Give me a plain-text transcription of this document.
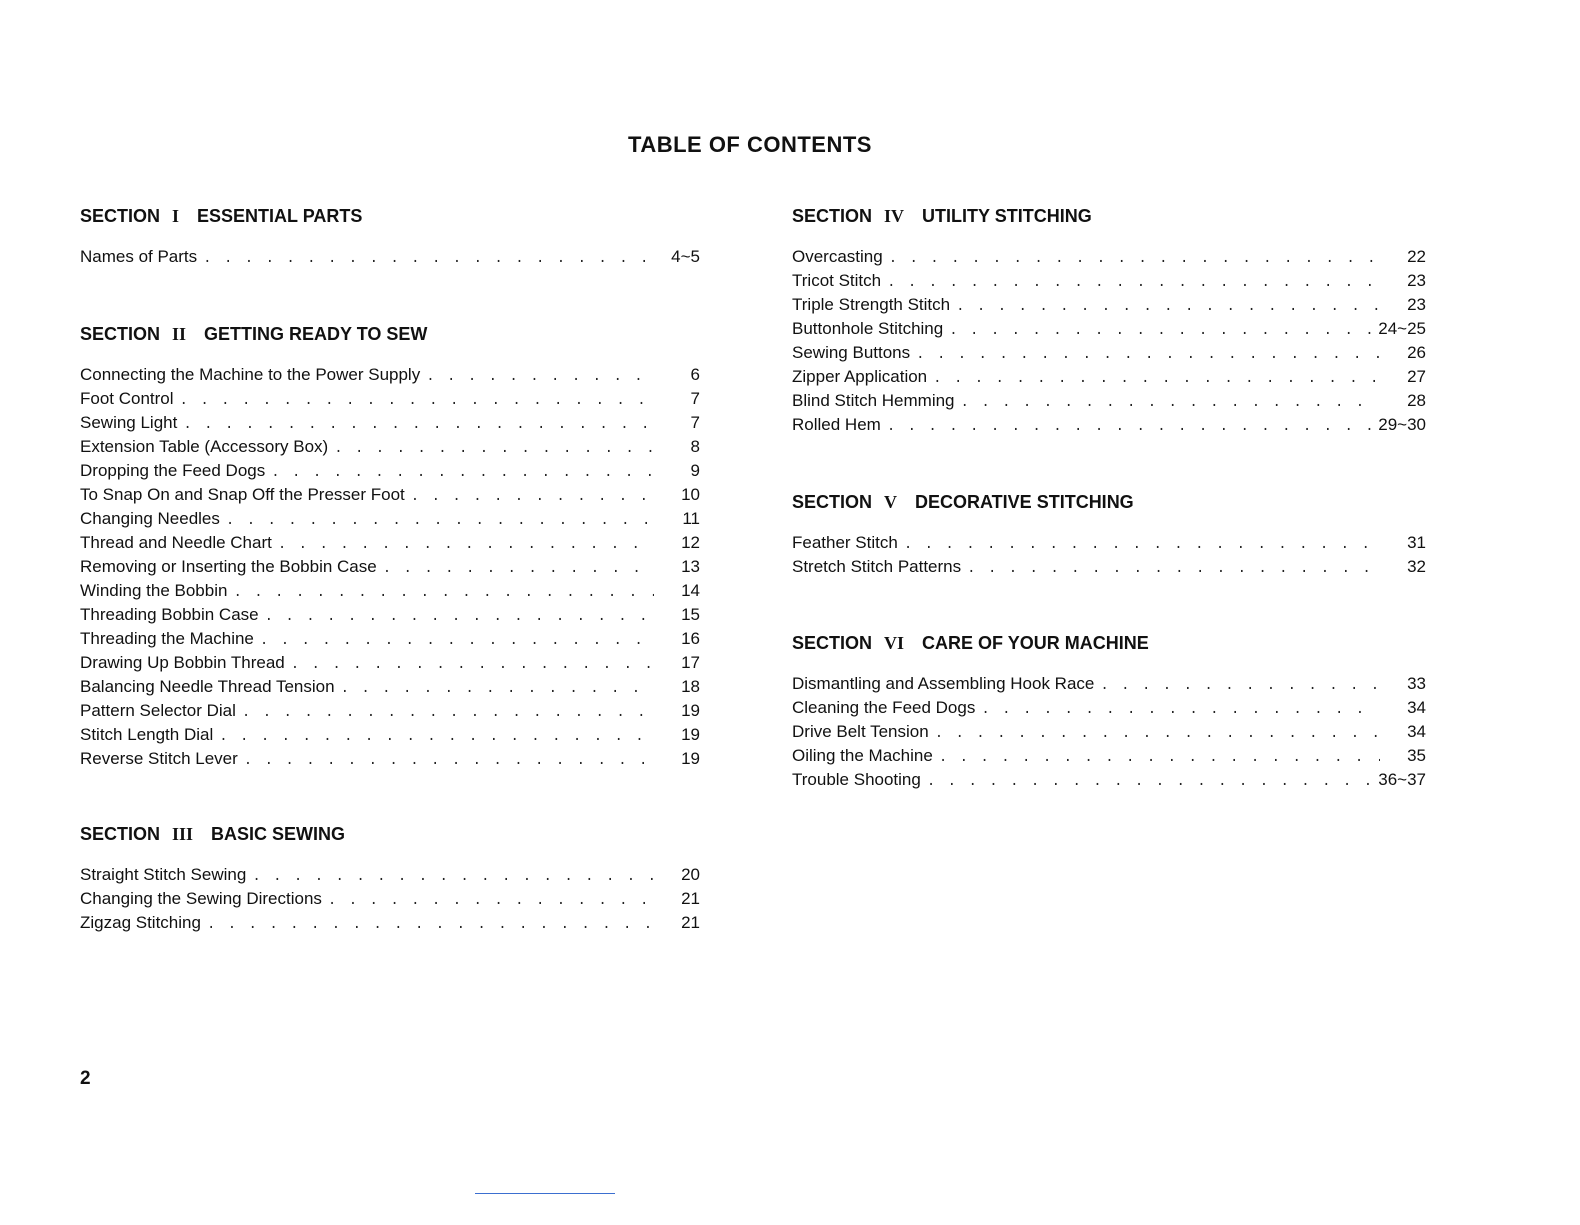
TABLE OF CONTENTS
SECTION I ESSENTIAL PARTS
Names of Parts . . .	4~5
SECTION II GETTING READY TO SEW
Connecting the Machine to the Power Supply . . .	6
Foot Control . . .	7
Sewing Light . . .	7
Extension Table (Accessory Box) . . .	8
Dropping the Feed Dogs . . .	9
To Snap On and Snap Off the Presser Foot . . .	10
Changing Needles . . .	11
Thread and Needle Chart . . .	12
Removing or Inserting the Bobbin Case . . .	13
Winding the Bobbin . . .	14
Threading Bobbin Case . . .	15
Threading the Machine . . .	16
Drawing Up Bobbin Thread . . .	17
Balancing Needle Thread Tension . . .	18
Pattern Selector Dial . . .	19
Stitch Length Dial . . .	19
Reverse Stitch Lever . . .	19
SECTION III BASIC SEWING
Straight Stitch Sewing . . .	20
Changing the Sewing Directions . . .	21
Zigzag Stitching . . .	21
SECTION IV UTILITY STITCHING
Overcasting . . .	22
Tricot Stitch . . .	23
Triple Strength Stitch . . .	23
Buttonhole Stitching . . .	24~25
Sewing Buttons . . .	26
Zipper Application . . .	27
Blind Stitch Hemming . . .	28
Rolled Hem . . .	29~30
SECTION V DECORATIVE STITCHING
Feather Stitch . . .	31
Stretch Stitch Patterns . . .	32
SECTION VI CARE OF YOUR MACHINE
Dismantling and Assembling Hook Race . . .	33
Cleaning the Feed Dogs . . .	34
Drive Belt Tension . . .	34
Oiling the Machine . . .	35
Trouble Shooting . . .	36~37
2
